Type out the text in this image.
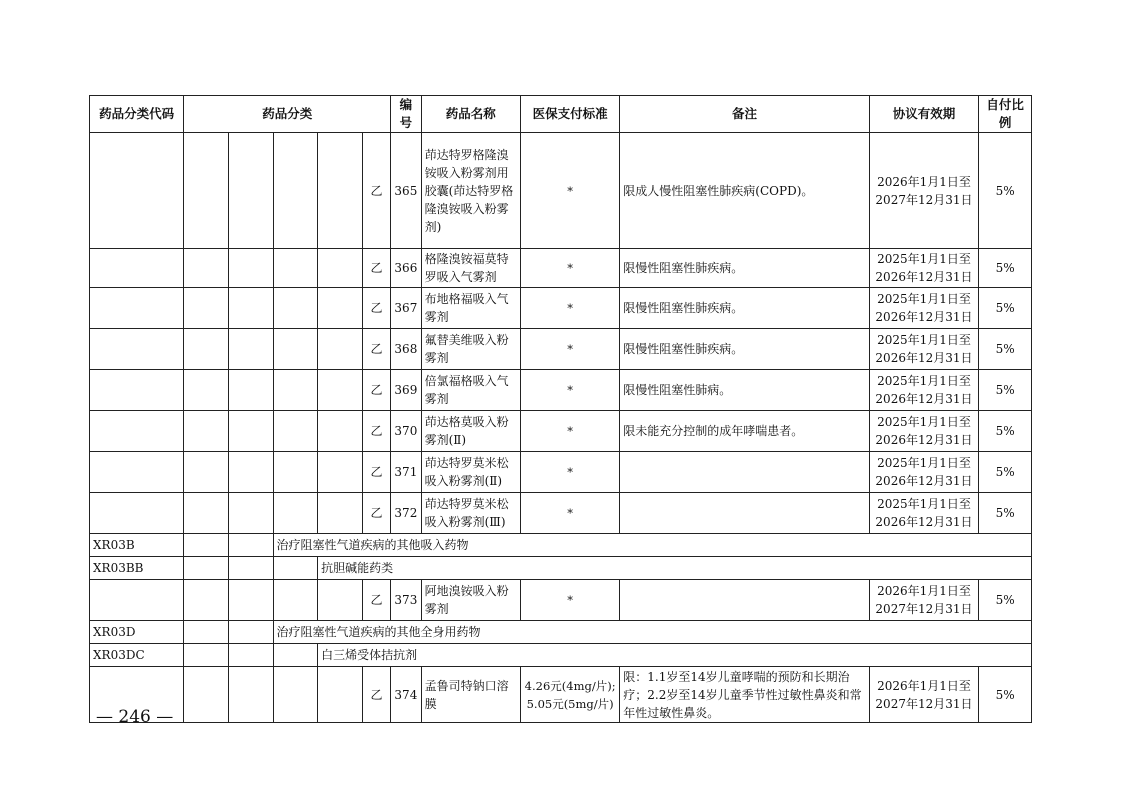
药品分类代码	药品分类					编号	药品名称	医保支付标准	备注	协议有效期	自付比例
					乙	365	茚达特罗格隆溴铵吸入粉雾剂用胶囊(茚达特罗格隆溴铵吸入粉雾剂)	*	限成人慢性阻塞性肺疾病(COPD)。	2026年1月1日至
2027年12月31日	5%
					乙	366	格隆溴铵福莫特罗吸入气雾剂	*	限慢性阻塞性肺疾病。	2025年1月1日至
2026年12月31日	5%
					乙	367	布地格福吸入气雾剂	*	限慢性阻塞性肺疾病。	2025年1月1日至
2026年12月31日	5%
					乙	368	氟替美维吸入粉雾剂	*	限慢性阻塞性肺疾病。	2025年1月1日至
2026年12月31日	5%
					乙	369	倍氯福格吸入气雾剂	*	限慢性阻塞性肺病。	2025年1月1日至
2026年12月31日	5%
					乙	370	茚达格莫吸入粉雾剂(Ⅱ)	*	限未能充分控制的成年哮喘患者。	2025年1月1日至
2026年12月31日	5%
					乙	371	茚达特罗莫米松吸入粉雾剂(Ⅱ)	*		2025年1月1日至
2026年12月31日	5%
					乙	372	茚达特罗莫米松吸入粉雾剂(Ⅲ)	*		2025年1月1日至
2026年12月31日	5%
XR03B			治疗阻塞性气道疾病的其他吸入药物								
XR03BB				抗胆碱能药类							
					乙	373	阿地溴铵吸入粉雾剂	*		2026年1月1日至
2027年12月31日	5%
XR03D			治疗阻塞性气道疾病的其他全身用药物								
XR03DC				白三烯受体拮抗剂							
					乙	374	孟鲁司特钠口溶膜	4.26元(4mg/片);
5.05元(5mg/片)	限：1.1岁至14岁儿童哮喘的预防和长期治疗；2.2岁至14岁儿童季节性过敏性鼻炎和常年性过敏性鼻炎。	2026年1月1日至
2027年12月31日	5%
— 246 —
